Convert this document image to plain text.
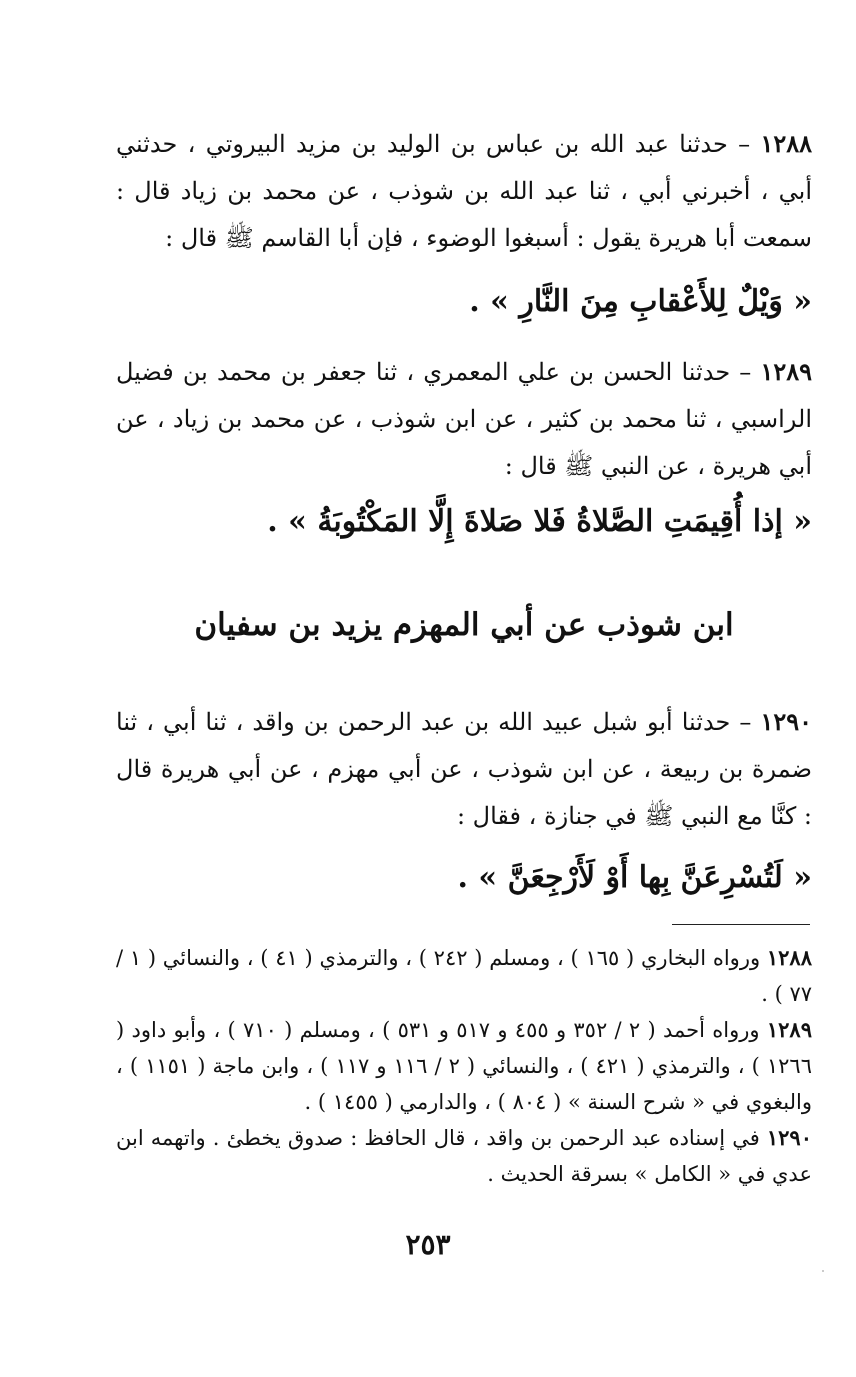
١٢٨٨ – حدثنا عبد الله بن عباس بن الوليد بن مزيد البيروتي ، حدثني أبي ، أخبرني أبي ، ثنا عبد الله بن شوذب ، عن محمد بن زياد قال : سمعت أبا هريرة يقول : أسبغوا الوضوء ، فإن أبا القاسم ﷺ قال :
« وَيْلٌ لِلأَعْقابِ مِنَ النَّارِ » .
١٢٨٩ – حدثنا الحسن بن علي المعمري ، ثنا جعفر بن محمد بن فضيل الراسبي ، ثنا محمد بن كثير ، عن ابن شوذب ، عن محمد بن زياد ، عن أبي هريرة ، عن النبي ﷺ قال :
« إذا أُقِيمَتِ الصَّلاةُ فَلا صَلاةَ إِلَّا المَكْتُوبَةُ » .
ابن شوذب عن أبي المهزم يزيد بن سفيان
١٢٩٠ – حدثنا أبو شبل عبيد الله بن عبد الرحمن بن واقد ، ثنا أبي ، ثنا ضمرة بن ربيعة ، عن ابن شوذب ، عن أبي مهزم ، عن أبي هريرة قال : كنَّا مع النبي ﷺ في جنازة ، فقال :
« لَتُسْرِعَنَّ بِها أَوْ لَأَرْجِعَنَّ » .

١٢٨٨ ورواه البخاري ( ١٦٥ ) ، ومسلم ( ٢٤٢ ) ، والترمذي ( ٤١ ) ، والنسائي ( ١ / ٧٧ ) .

١٢٨٩ ورواه أحمد ( ٢ / ٣٥٢ و ٤٥٥ و ٥١٧ و ٥٣١ ) ، ومسلم ( ٧١٠ ) ، وأبو داود ( ١٢٦٦ ) ، والترمذي ( ٤٢١ ) ، والنسائي ( ٢ / ١١٦ و ١١٧ ) ، وابن ماجة ( ١١٥١ ) ، والبغوي في « شرح السنة » ( ٨٠٤ ) ، والدارمي ( ١٤٥٥ ) .

١٢٩٠ في إسناده عبد الرحمن بن واقد ، قال الحافظ : صدوق يخطئ . واتهمه ابن عدي في « الكامل » بسرقة الحديث .

٢٥٣
